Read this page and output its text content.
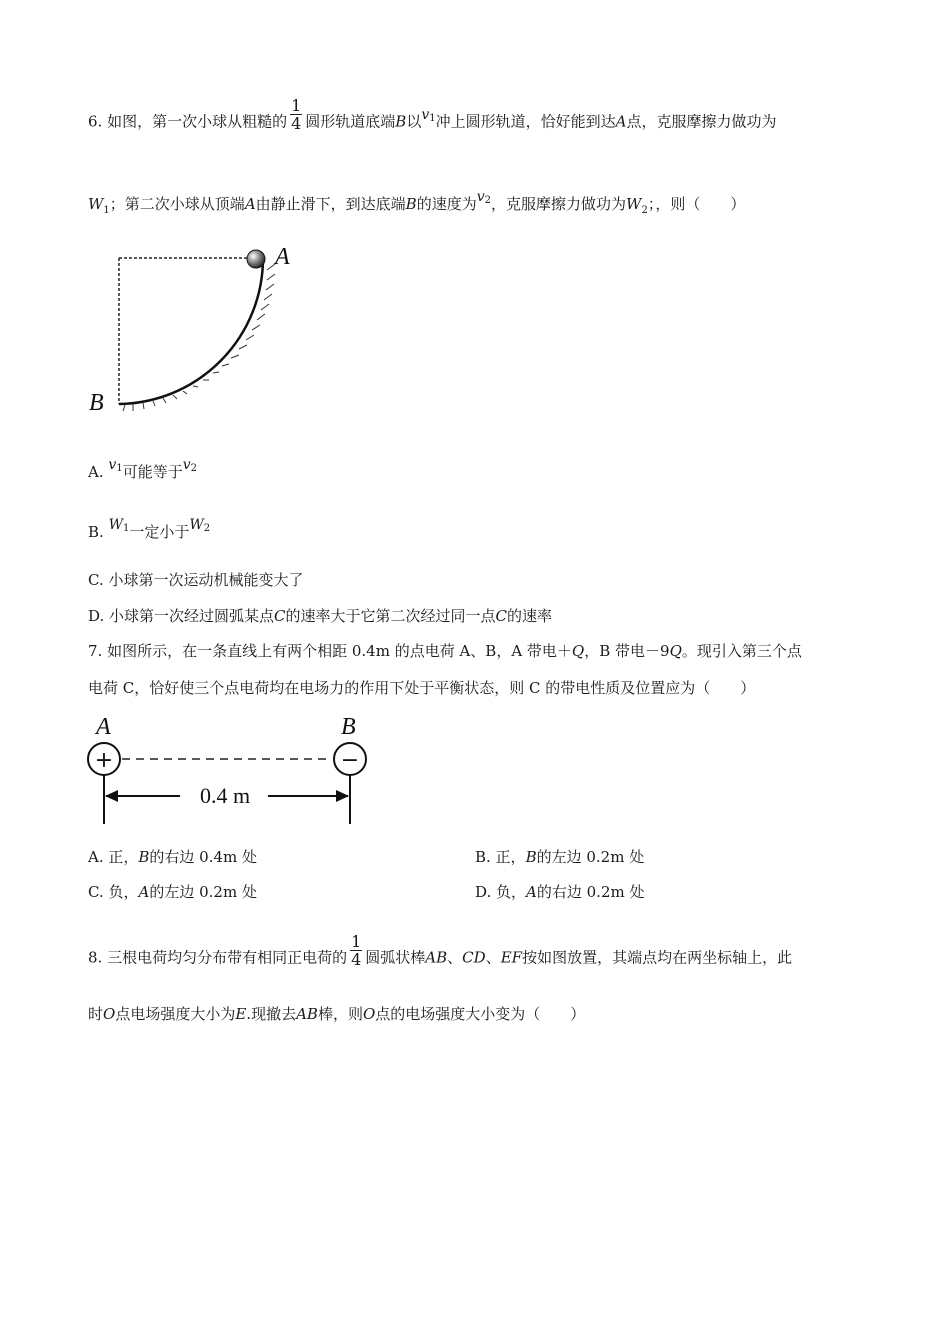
6. 如图，第一次小球从粗糙的 $\frac{1}{4}$ 圆形轨道底端B以$v_1$冲上圆形轨道，恰好能到达A点，克服摩擦力做功为
$W_1$；第二次小球从顶端A由静止滑下，到达底端B的速度为$v_2$，克服摩擦力做功为$W_2$；，则（　　）
A
B
A. $v_1$可能等于$v_2$
B. $W_1$一定小于$W_2$
C. 小球第一次运动机械能变大了
D. 小球第一次经过圆弧某点C的速率大于它第二次经过同一点C的速率
7. 如图所示，在一条直线上有两个相距 0.4m 的点电荷 A、B，A 带电＋Q，B 带电－9Q。现引入第三个点
电荷 C，恰好使三个点电荷均在电场力的作用下处于平衡状态，则 C 的带电性质及位置应为（　　）
A	B
+	−
0.4 m
A. 正，B的右边 0.4m 处	B. 正，B的左边 0.2m 处
C. 负，A的左边 0.2m 处	D. 负，A的右边 0.2m 处
8. 三根电荷均匀分布带有相同正电荷的 $\frac{1}{4}$ 圆弧状棒AB、CD、EF按如图放置，其端点均在两坐标轴上，此
时O点电场强度大小为E.现撤去AB棒，则O点的电场强度大小变为（　　）
